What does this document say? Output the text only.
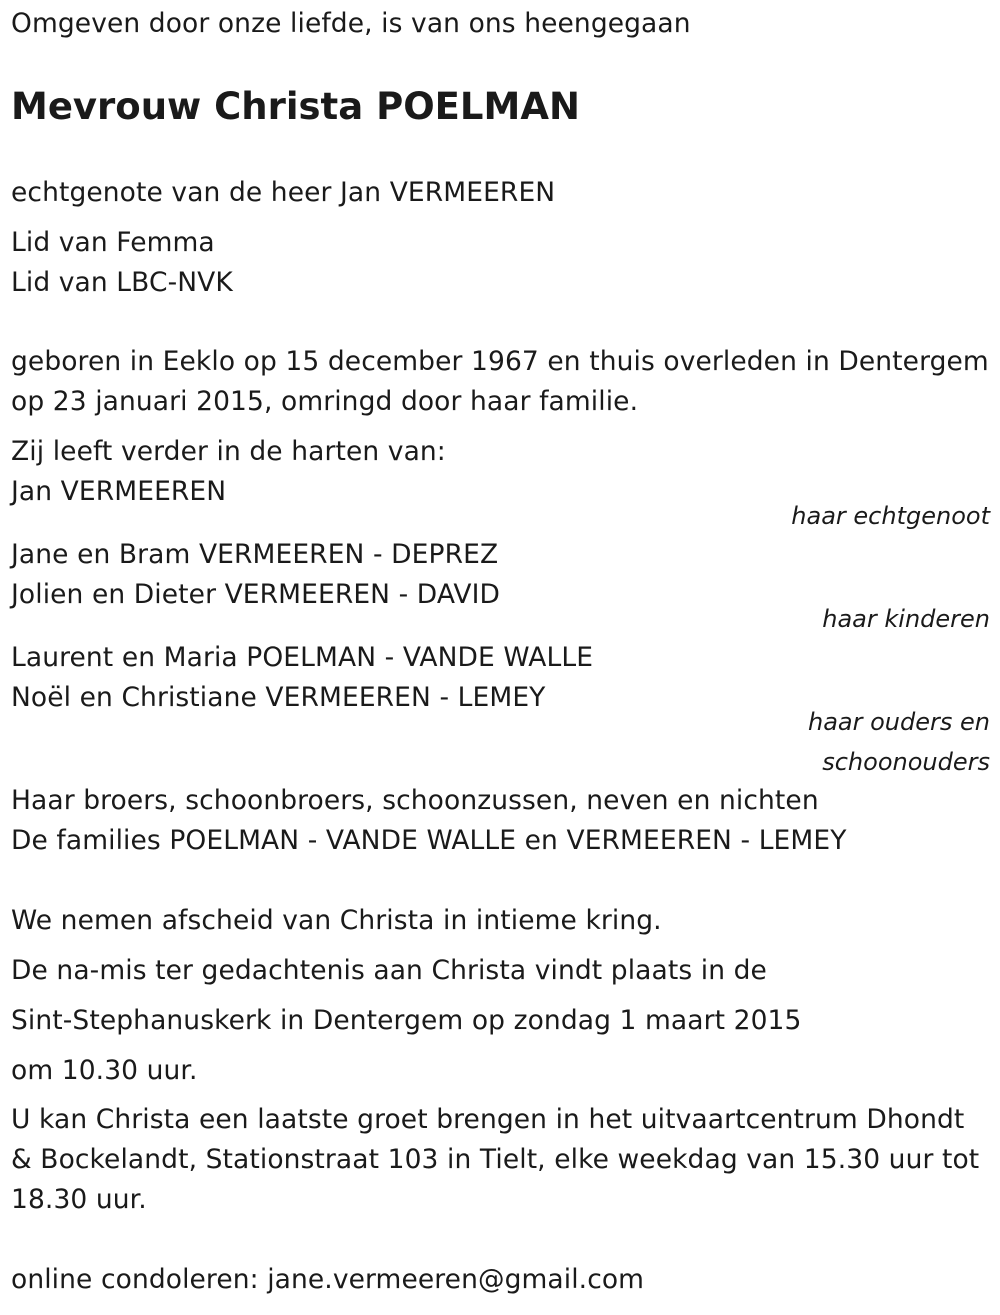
Omgeven door onze liefde, is van ons heengegaan
Mevrouw Christa POELMAN
echtgenote van de heer Jan VERMEEREN
Lid van Femma
Lid van LBC-NVK
geboren in Eeklo op 15 december 1967 en thuis overleden in Dentergem
op 23 januari 2015, omringd door haar familie.
Zij leeft verder in de harten van:
Jan VERMEEREN
haar echtgenoot
Jane en Bram VERMEEREN - DEPREZ
Jolien en Dieter VERMEEREN - DAVID
haar kinderen
Laurent en Maria POELMAN - VANDE WALLE
Noël en Christiane VERMEEREN - LEMEY
haar ouders en
schoonouders
Haar broers, schoonbroers, schoonzussen, neven en nichten
De families POELMAN - VANDE WALLE en VERMEEREN - LEMEY
We nemen afscheid van Christa in intieme kring.
De na-mis ter gedachtenis aan Christa vindt plaats in de
Sint-Stephanuskerk in Dentergem op zondag 1 maart 2015
om 10.30 uur.
U kan Christa een laatste groet brengen in het uitvaartcentrum Dhondt
& Bockelandt, Stationstraat 103 in Tielt, elke weekdag van 15.30 uur tot
18.30 uur.
online condoleren: jane.vermeeren@gmail.com
